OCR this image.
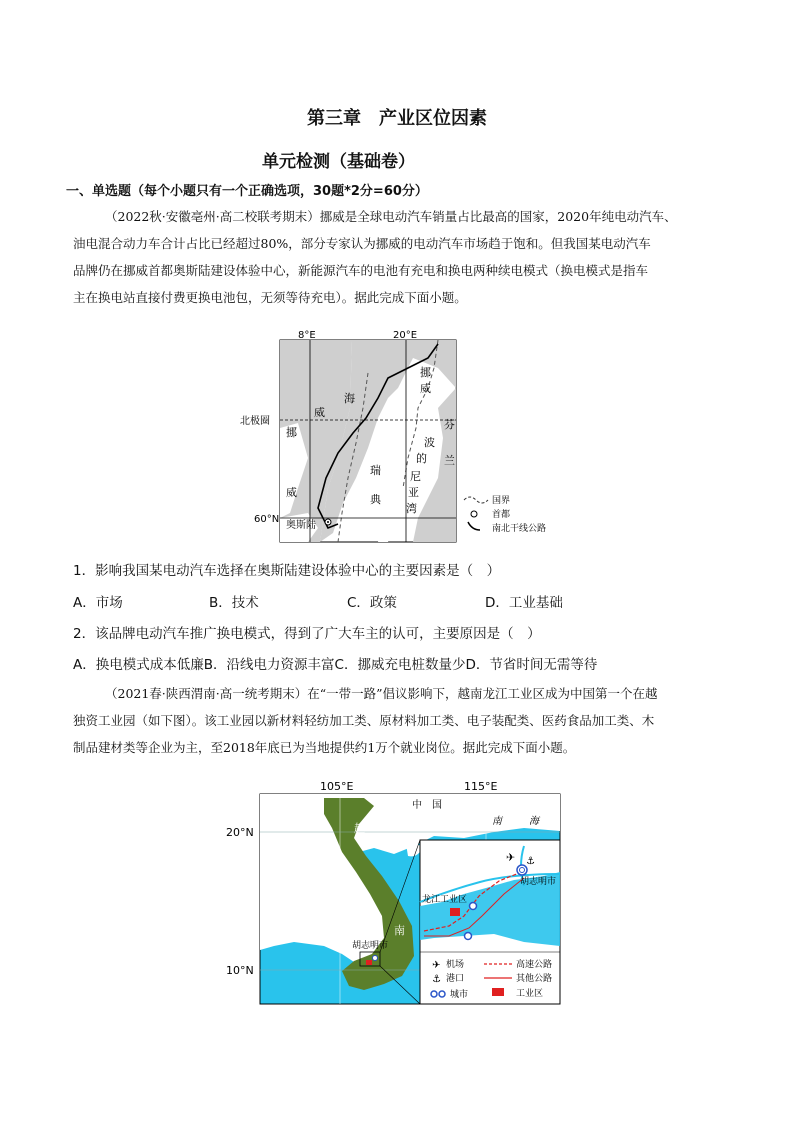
第三章　产业区位因素
单元检测（基础卷）
一、单选题（每个小题只有一个正确选项，30题*2分=60分）

（2022秋·安徽亳州·高二校联考期末）挪威是全球电动汽车销量占比最高的国家，2020年纯电动汽车、

油电混合动力车合计占比已经超过80%，部分专家认为挪威的电动汽车市场趋于饱和。但我国某电动汽车

品牌仍在挪威首都奥斯陆建设体验中心，新能源汽车的电池有充电和换电两种续电模式（换电模式是指车

主在换电站直接付费更换电池包，无须等待充电）。据此完成下面小题。

8°E	20°E
北极圈
60°N
海
挪
威
挪
威
威
瑞
典
芬
兰
波
的
尼
亚
湾
奥斯陆
国界
首都
南北干线公路
1．影响我国某电动汽车选择在奥斯陆建设体验中心的主要因素是（　）
A．市场	B．技术	C．政策	D．工业基础
2．该品牌电动汽车推广换电模式，得到了广大车主的认可，主要原因是（　）
A．换电模式成本低廉B．沿线电力资源丰富C．挪威充电桩数量少D．节省时间无需等待

（2021春·陕西渭南·高一统考期末）在“一带一路”倡议影响下，越南龙江工业区成为中国第一个在越

独资工业园（如下图）。该工业园以新材料轻纺加工类、原材料加工类、电子装配类、医药食品加工类、木

制品建材类等企业为主，至2018年底已为当地提供约1万个就业岗位。据此完成下面小题。

105°E	115°E
20°N
10°N
中　国
南	海
越
南
胡志明市
✈ ⚓
胡志明市
龙江工业区
✈ 机场
⚓ 港口
城市
高速公路
其他公路
工业区
